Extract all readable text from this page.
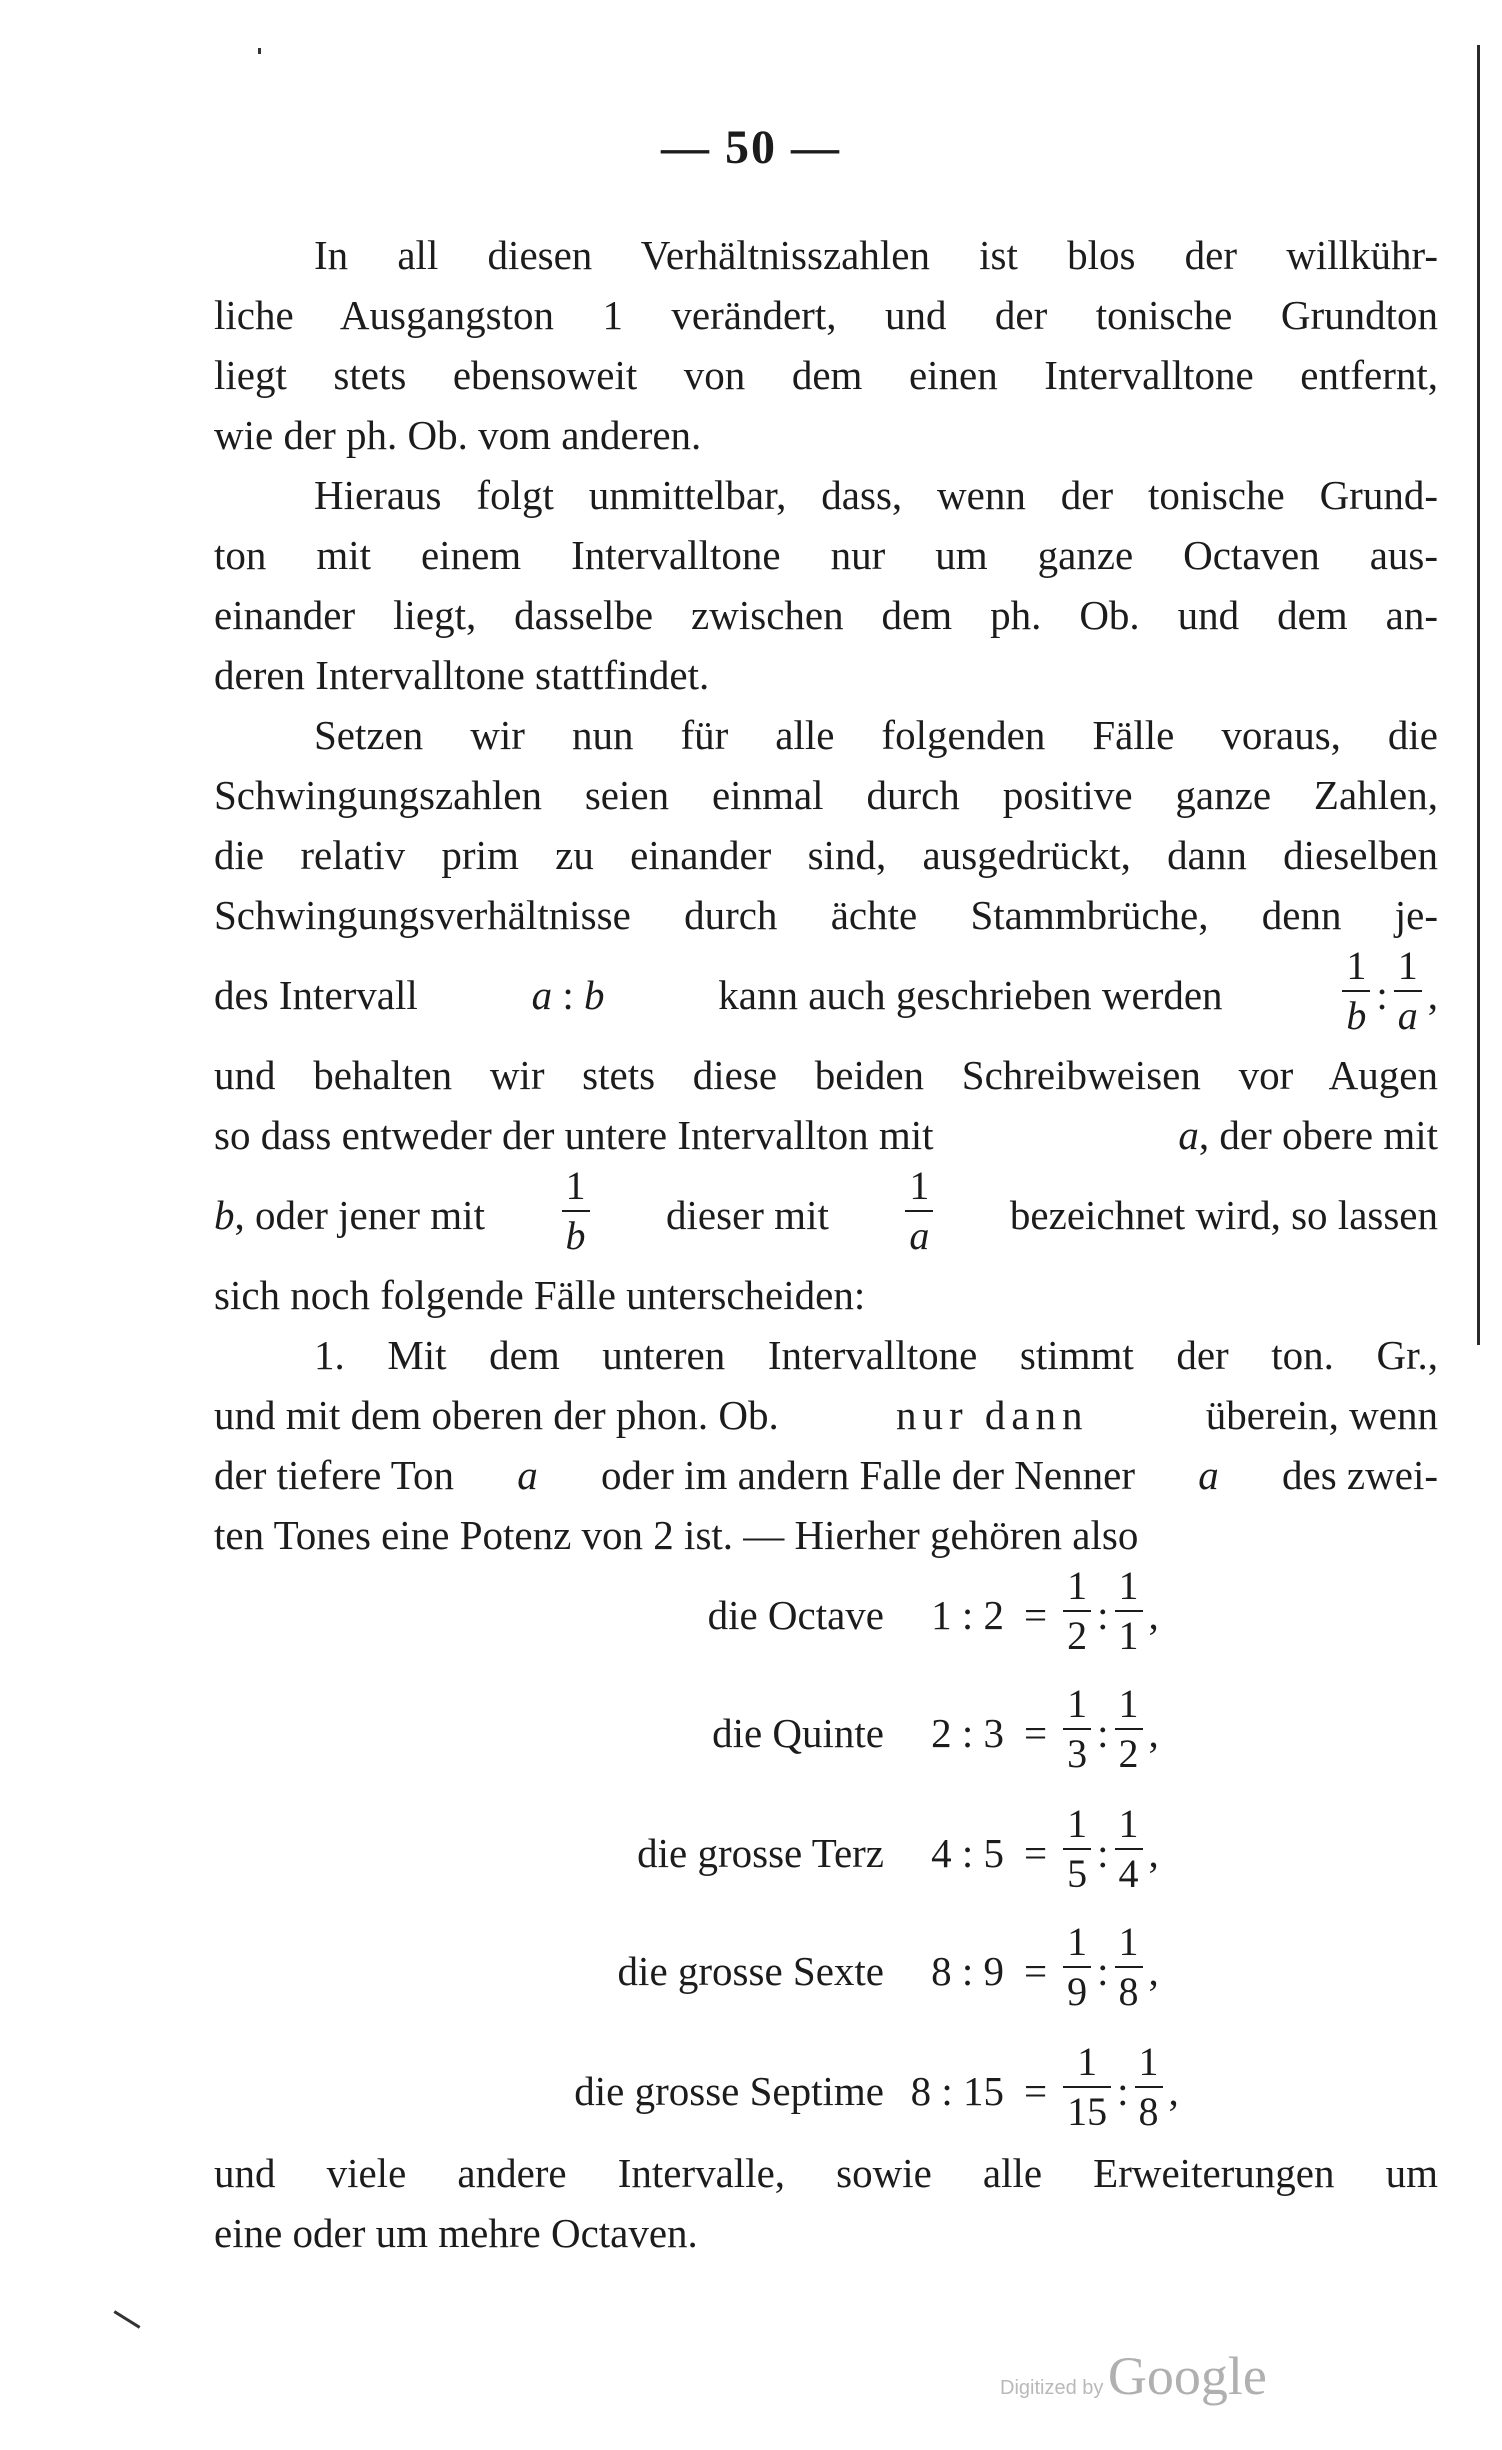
— 50 —
In all diesen Verhältnisszahlen ist blos der willkühr-
liche Ausgangston 1 verändert, und der tonische Grundton
liegt stets ebensoweit von dem einen Intervalltone entfernt,
wie der ph. Ob. vom anderen.
Hieraus folgt unmittelbar, dass, wenn der tonische Grund-
ton mit einem Intervalltone nur um ganze Octaven aus-
einander liegt, dasselbe zwischen dem ph. Ob. und dem an-
deren Intervalltone stattfindet.
Setzen wir nun für alle folgenden Fälle voraus, die
Schwingungszahlen seien einmal durch positive ganze Zahlen,
die relativ prim zu einander sind, ausgedrückt, dann dieselben
Schwingungsverhältnisse durch ächte Stammbrüche, denn je-
des Intervall	a : b	kann auch geschrieben werden	$\frac{1}{b}$ : $\frac{1}{a}$ ,
und behalten wir stets diese beiden Schreibweisen vor Augen
so dass entweder der untere Intervallton mit	a, der obere mit
b, oder jener mit $\frac{1}{b}$ dieser mit $\frac{1}{a}$ bezeichnet wird, so lassen
sich noch folgende Fälle unterscheiden:
1. Mit dem unteren Intervalltone stimmt der ton. Gr.,
und mit dem oberen der phon. Ob.	nur dann	überein, wenn
der tiefere Ton a oder im andern Falle der Nenner a des zwei-
ten Tones eine Potenz von 2 ist. — Hierher gehören also
die Octave	1 : $2 = \frac{1}{2}$ : $\frac{1}{1}$ ,
die Quinte	2 : $3 = \frac{1}{3}$ : $\frac{1}{2}$ ,
die grosse Terz	4 : $5 = \frac{1}{5}$ : $\frac{1}{4}$ ,
die grosse Sexte	8 : $9 = \frac{1}{9}$ : $\frac{1}{8}$ ,
die grosse Septime 8 : $15 = \frac{1}{15}$ : $\frac{1}{8}$ ,
und viele andere Intervalle, sowie alle Erweiterungen um
eine oder um mehre Octaven.
Digitized by Google
